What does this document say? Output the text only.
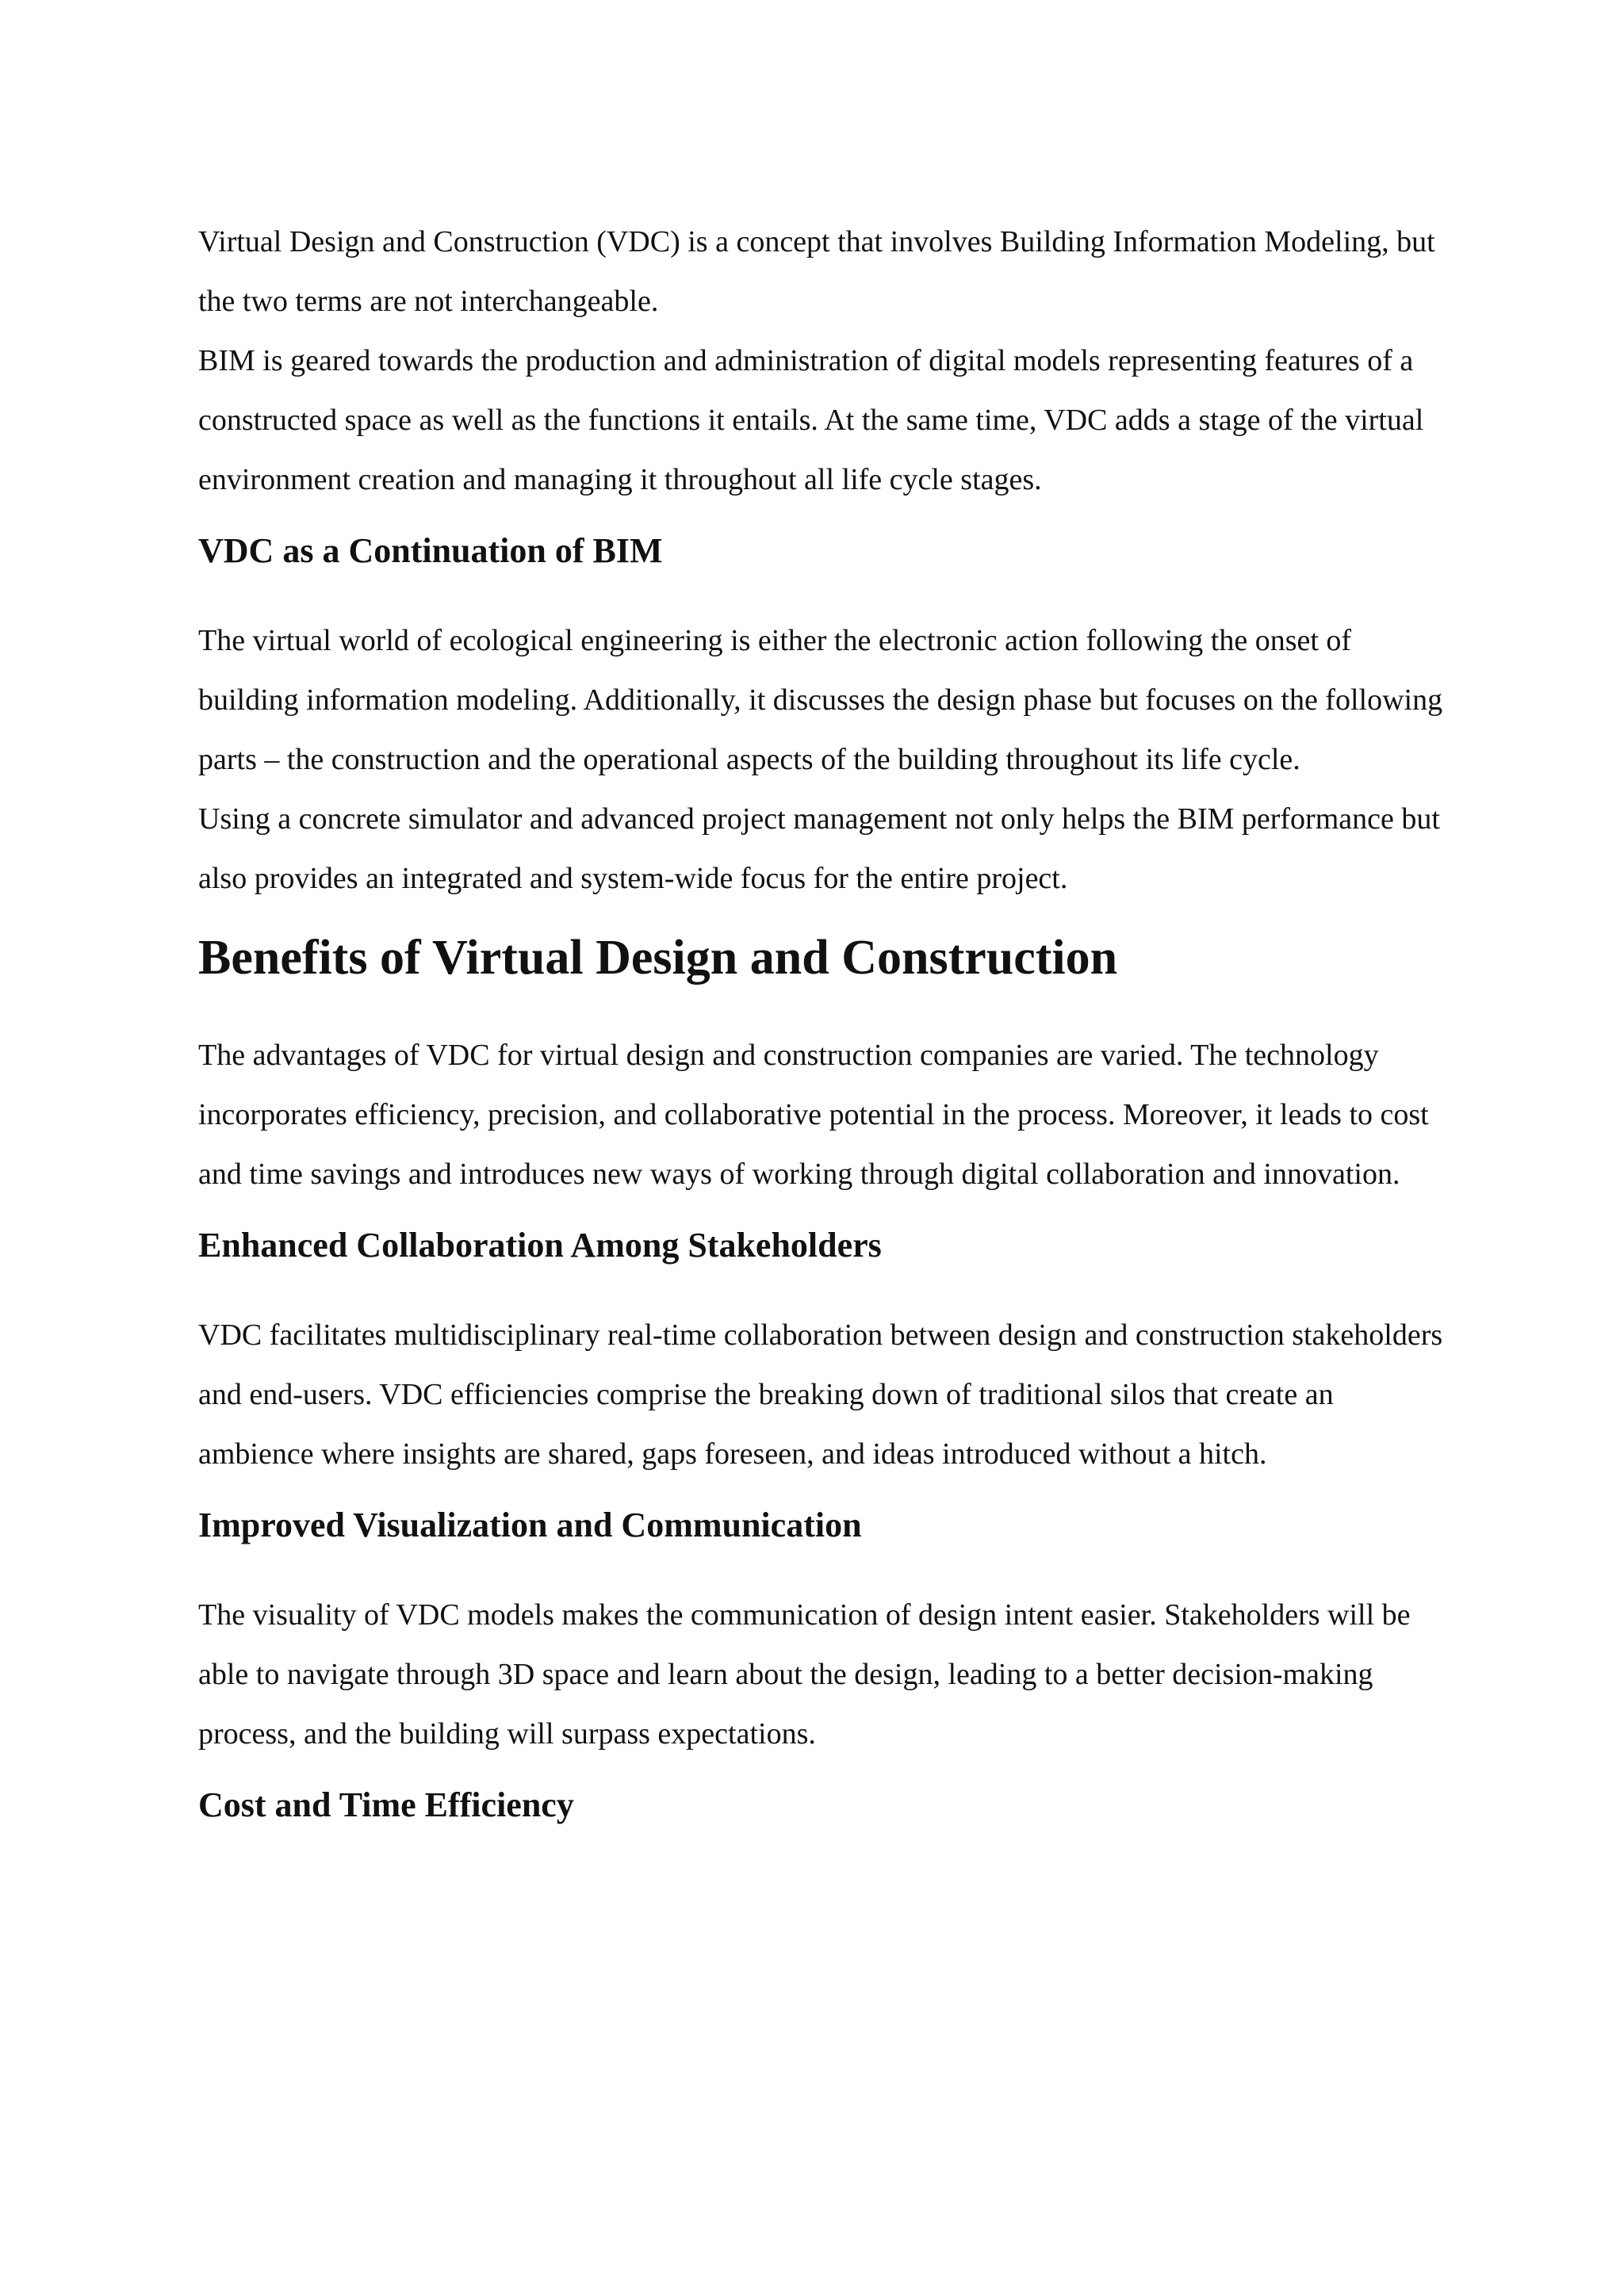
Virtual Design and Construction (VDC) is a concept that involves Building Information Modeling, but the two terms are not interchangeable.

BIM is geared towards the production and administration of digital models representing features of a constructed space as well as the functions it entails. At the same time, VDC adds a stage of the virtual environment creation and managing it throughout all life cycle stages.

VDC as a Continuation of BIM

The virtual world of ecological engineering is either the electronic action following the onset of building information modeling. Additionally, it discusses the design phase but focuses on the following parts – the construction and the operational aspects of the building throughout its life cycle.

Using a concrete simulator and advanced project management not only helps the BIM performance but also provides an integrated and system-wide focus for the entire project.

Benefits of Virtual Design and Construction

The advantages of VDC for virtual design and construction companies are varied. The technology incorporates efficiency, precision, and collaborative potential in the process. Moreover, it leads to cost and time savings and introduces new ways of working through digital collaboration and innovation.

Enhanced Collaboration Among Stakeholders

VDC facilitates multidisciplinary real-time collaboration between design and construction stakeholders and end-users. VDC efficiencies comprise the breaking down of traditional silos that create an ambience where insights are shared, gaps foreseen, and ideas introduced without a hitch.

Improved Visualization and Communication

The visuality of VDC models makes the communication of design intent easier. Stakeholders will be able to navigate through 3D space and learn about the design, leading to a better decision-making process, and the building will surpass expectations.

Cost and Time Efficiency
